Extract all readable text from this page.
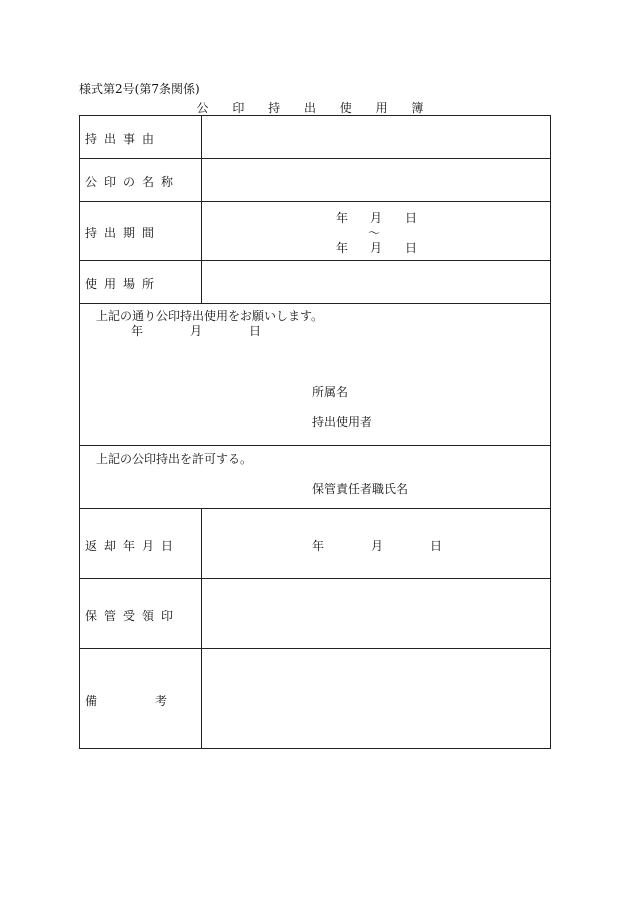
様式第2号(第7条関係)
公 印 持 出 使 用 簿
持出事由
公印の名称
持出期間
年 月 日
〜
年 月 日
使用場所
上記の通り公印持出使用をお願いします。
年	月	日
所属名
持出使用者
上記の公印持出を許可する。
保管責任者職氏名
返却年月日	年	月	日
保管受領印
備	考
